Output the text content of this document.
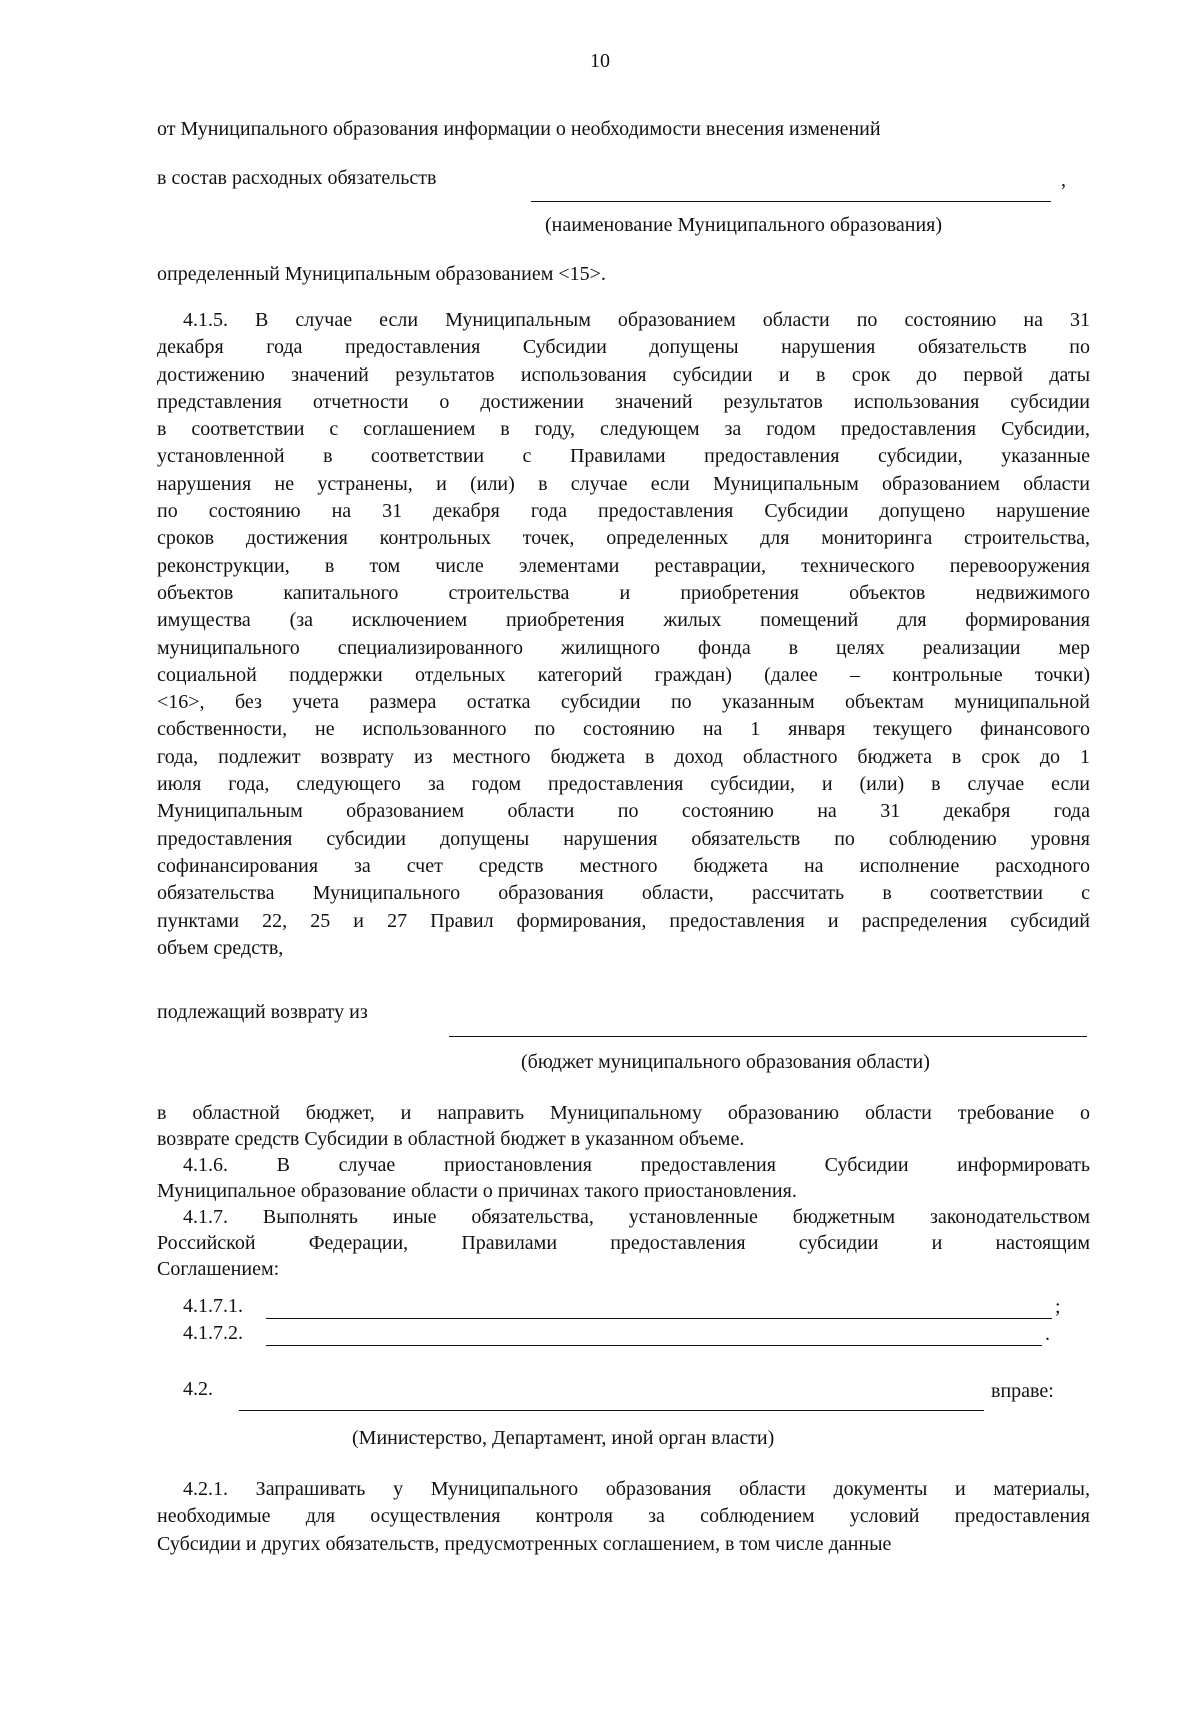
10
от Муниципального образования информации о необходимости внесения изменений
в состав расходных обязательств	,
(наименование Муниципального образования)
определенный Муниципальным образованием <15>.
4.1.5. В случае если Муниципальным образованием области по состоянию на 31
декабря года предоставления Субсидии допущены нарушения обязательств по
достижению значений результатов использования субсидии и в срок до первой даты
представления отчетности о достижении значений результатов использования субсидии
в соответствии с соглашением в году, следующем за годом предоставления Субсидии,
установленной в соответствии с Правилами предоставления субсидии, указанные
нарушения не устранены, и (или) в случае если Муниципальным образованием области
по состоянию на 31 декабря года предоставления Субсидии допущено нарушение
сроков достижения контрольных точек, определенных для мониторинга строительства,
реконструкции, в том числе элементами реставрации, технического перевооружения
объектов капитального строительства и приобретения объектов недвижимого
имущества (за исключением приобретения жилых помещений для формирования
муниципального специализированного жилищного фонда в целях реализации мер
социальной поддержки отдельных категорий граждан) (далее – контрольные точки)
<16>, без учета размера остатка субсидии по указанным объектам муниципальной
собственности, не использованного по состоянию на 1 января текущего финансового
года, подлежит возврату из местного бюджета в доход областного бюджета в срок до 1
июля года, следующего за годом предоставления субсидии, и (или) в случае если
Муниципальным образованием области по состоянию на 31 декабря года
предоставления субсидии допущены нарушения обязательств по соблюдению уровня
софинансирования за счет средств местного бюджета на исполнение расходного
обязательства Муниципального образования области, рассчитать в соответствии с
пунктами 22, 25 и 27 Правил формирования, предоставления и распределения субсидий
объем средств,
подлежащий возврату из
(бюджет муниципального образования области)
в областной бюджет, и направить Муниципальному образованию области требование о
возврате средств Субсидии в областной бюджет в указанном объеме.
4.1.6. В случае приостановления предоставления Субсидии информировать
Муниципальное образование области о причинах такого приостановления.
4.1.7. Выполнять иные обязательства, установленные бюджетным законодательством
Российской Федерации, Правилами предоставления субсидии и настоящим
Соглашением:
4.1.7.1.	;
4.1.7.2.	.
4.2.	вправе:
(Министерство, Департамент, иной орган власти)
4.2.1. Запрашивать у Муниципального образования области документы и материалы,
необходимые для осуществления контроля за соблюдением условий предоставления
Субсидии и других обязательств, предусмотренных соглашением, в том числе данные
